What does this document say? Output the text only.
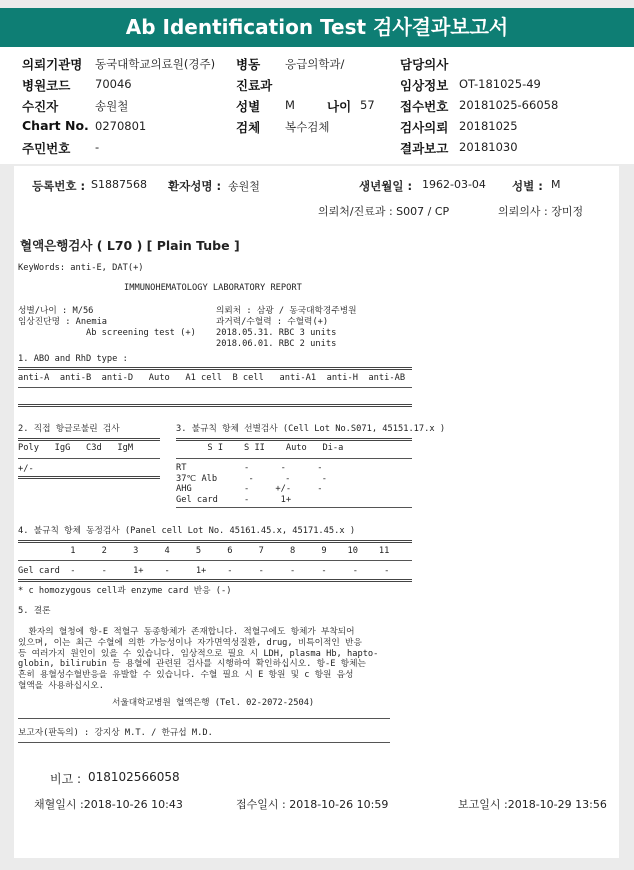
Ab Identification Test 검사결과보고서
의뢰기관명 동국대학교의료원(경주)
병원코드 70046
수진자	송원철
Chart No. 0270801
주민번호 -
병동 응급의학과/
진료과
성별 M	나이 57
검체 복수검체
담당의사
임상정보 OT-181025-49
접수번호 20181025-66058
검사의뢰 20181025
결과보고 20181030
등록번호 : S1887568 환자성명 : 송원철	생년월일 : 1962-03-04 성별 : M
의뢰처/진료과 : S007 / CP	의뢰의사 : 장미정
혈액은행검사 ( L70 ) [ Plain Tube ]
KeyWords: anti-E, DAT(+)
IMMUNOHEMATOLOGY LABORATORY REPORT
성별/나이 : M/56
임상진단명 : Anemia
Ab screening test (+)
의뢰처 : 삼광 / 동국대학경주병원
과거력/수혈력 : 수혈력(+)
2018.05.31. RBC 3 units
2018.06.01. RBC 2 units
1. ABO and RhD type :
anti-A  anti-B  anti-D   Auto   A1 cell  B cell   anti-A1  anti-H  anti-AB
2. 직접 항글로불린 검사
Poly   IgG   C3d   IgM
+/-
3. 불규칙 항체 선별검사 (Cell Lot No.S071, 45151.17.x )
S I    S II    Auto   Di-a
RT           -      -      -
37℃ Alb      -      -      -
AHG          -     +/-     -
Gel card     -      1+
4. 불규칙 항체 동정검사 (Panel cell Lot No. 45161.45.x, 45171.45.x )
1     2     3     4     5     6     7     8     9    10    11
Gel card  -     -     1+    -     1+    -     -     -     -     -     -
* c homozygous cell과 enzyme card 반응 (-)
5. 결론
환자의 혈청에 항-E 적혈구 동종항체가 존재합니다. 적혈구에도 항체가 부착되어
있으며, 이는 최근 수혈에 의한 가능성이나 자가면역성질환, drug, 비특이적인 반응
등 여러가지 원인이 있을 수 있습니다. 임상적으로 필요 시 LDH, plasma Hb, hapto-
globin, bilirubin 등 용혈에 관련된 검사를 시행하여 확인하십시오. 항-E 항체는
흔히 용혈성수혈반응을 유발할 수 있습니다. 수혈 필요 시 E 항원 및 c 항원 음성
혈액을 사용하십시오.
서울대학교병원 혈액은행 (Tel. 02-2072-2504)
보고자(판독의) : 강지상 M.T. / 한규섭 M.D.
비고 : 018102566058
채혈일시 :2018-10-26 10:43	접수일시 : 2018-10-26 10:59	보고일시 :2018-10-29 13:56
